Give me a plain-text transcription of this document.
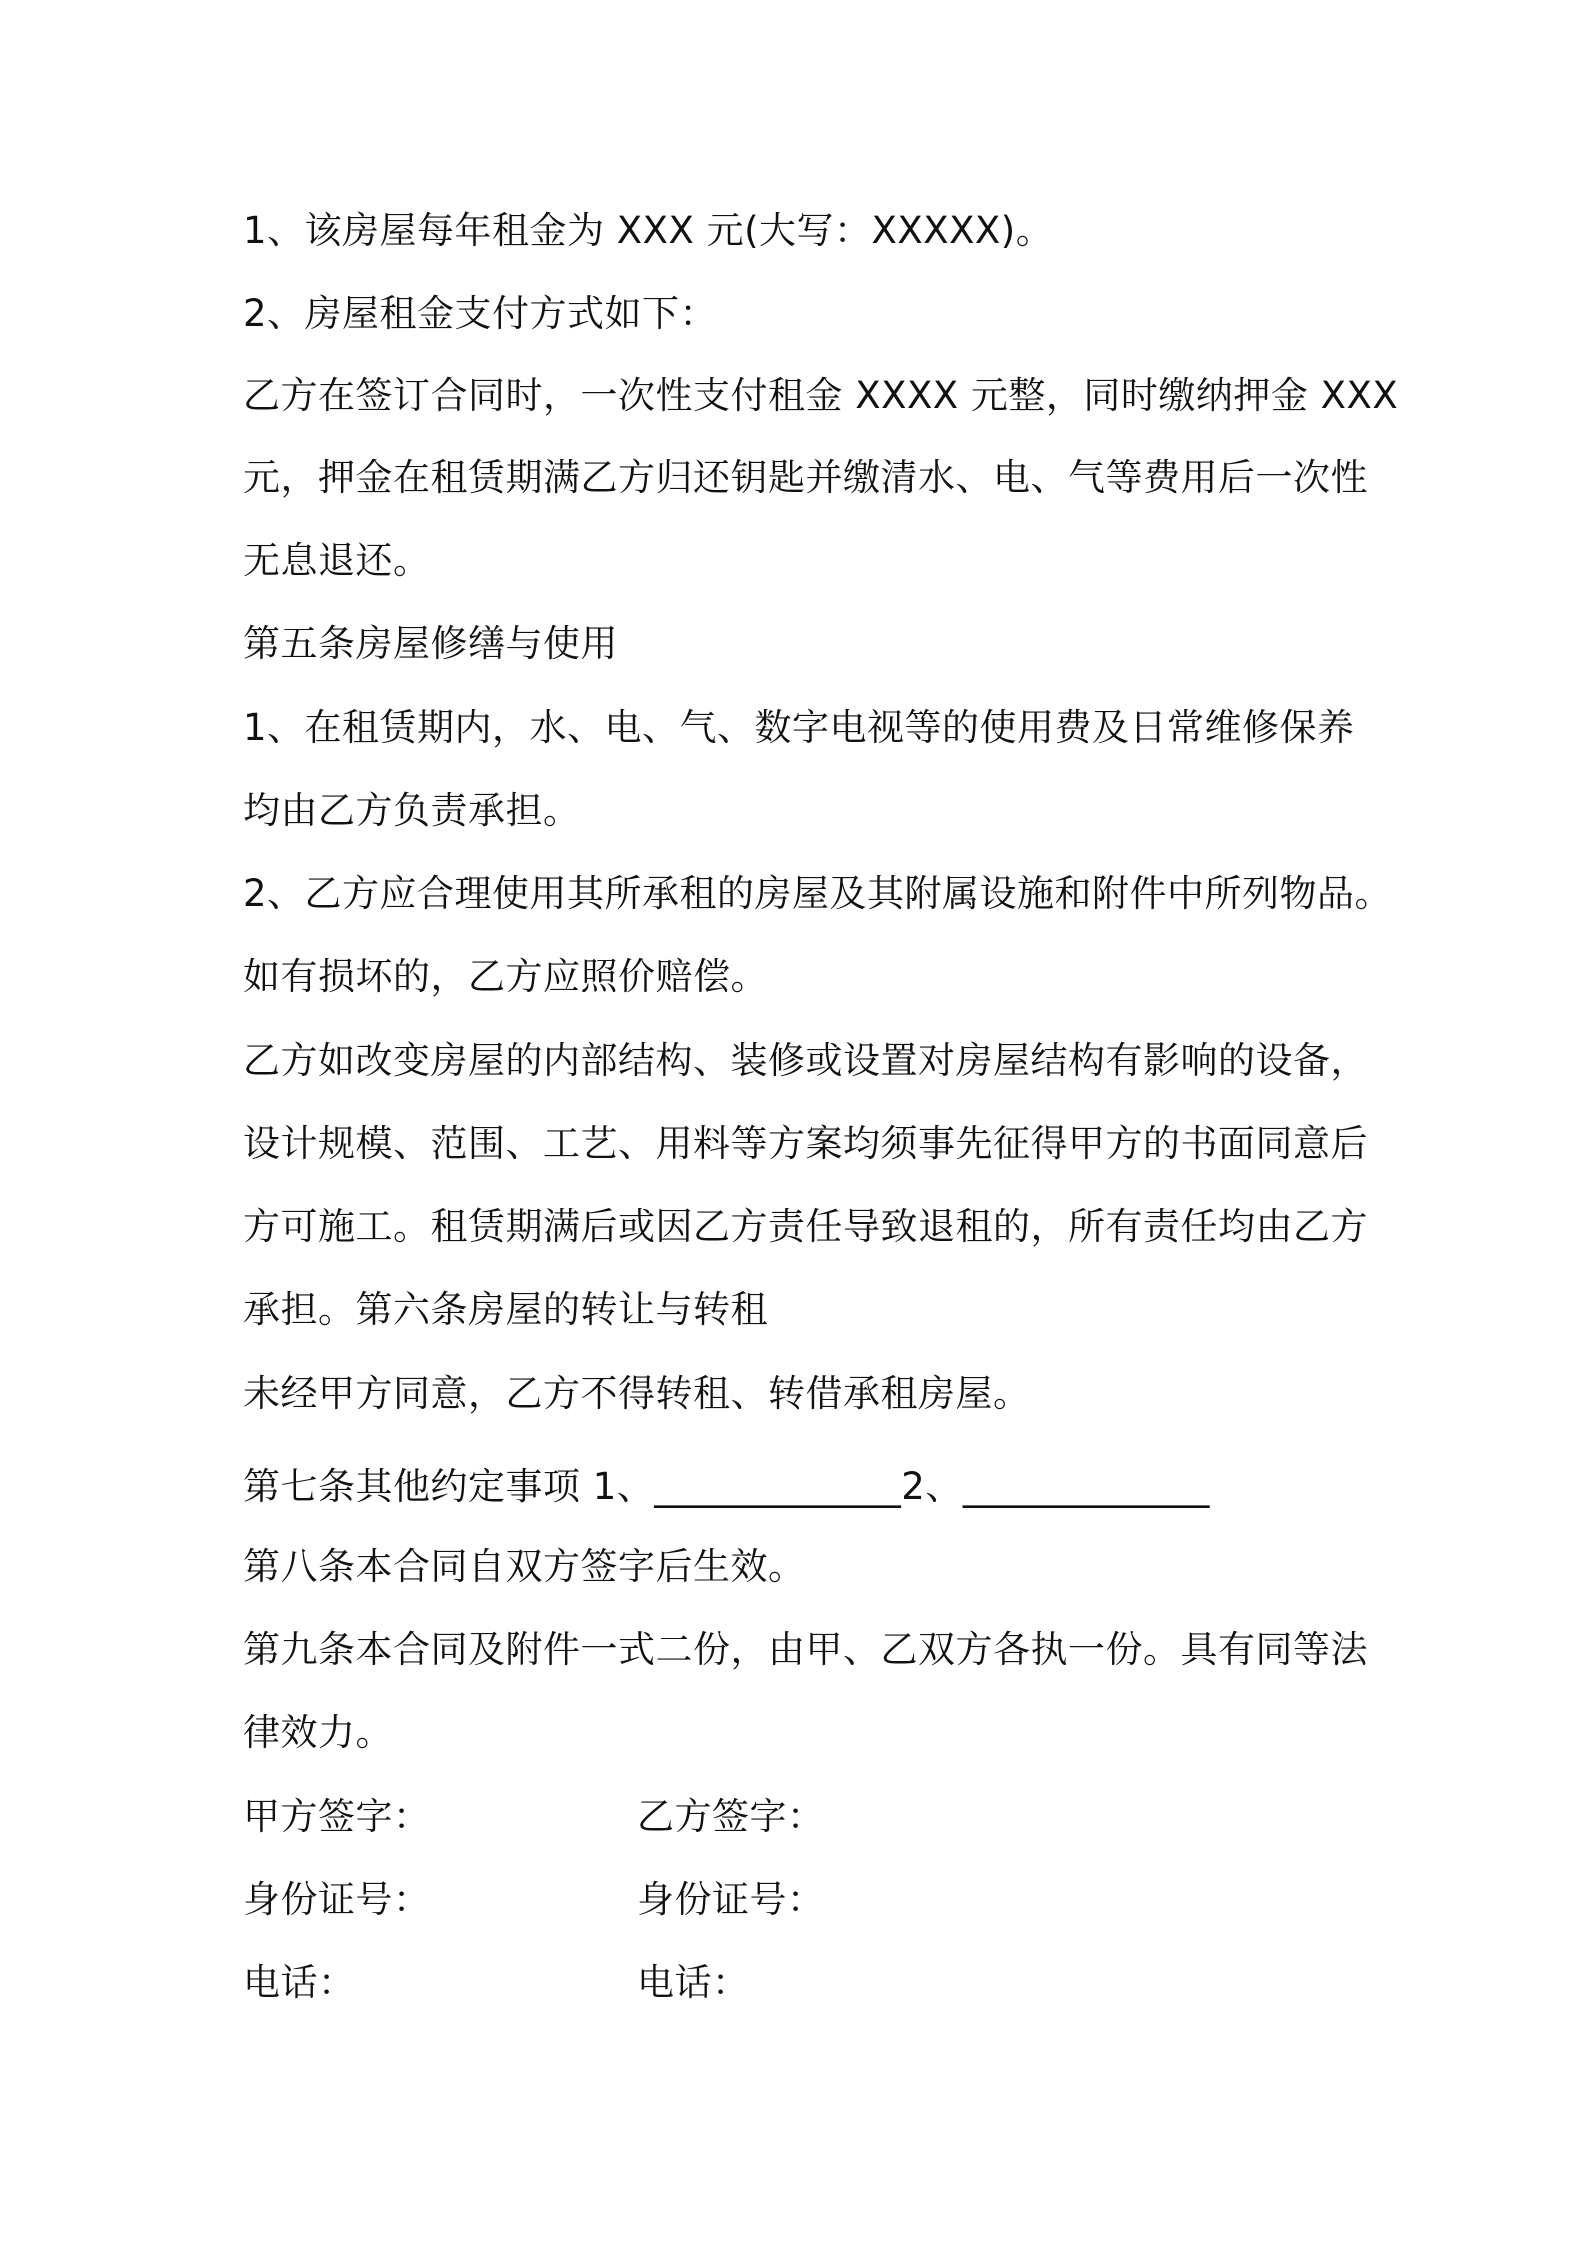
1、该房屋每年租金为 XXX 元(大写：XXXXX)。
2、房屋租金支付方式如下：
乙方在签订合同时，一次性支付租金 XXXX 元整，同时缴纳押金 XXX
元，押金在租赁期满乙方归还钥匙并缴清水、电、气等费用后一次性
无息退还。
第五条房屋修缮与使用
1、在租赁期内，水、电、气、数字电视等的使用费及日常维修保养
均由乙方负责承担。
2、乙方应合理使用其所承租的房屋及其附属设施和附件中所列物品。
如有损坏的，乙方应照价赔偿。
乙方如改变房屋的内部结构、装修或设置对房屋结构有影响的设备，
设计规模、范围、工艺、用料等方案均须事先征得甲方的书面同意后
方可施工。租赁期满后或因乙方责任导致退租的，所有责任均由乙方
承担。第六条房屋的转让与转租
未经甲方同意，乙方不得转租、转借承租房屋。
第七条其他约定事项 1、_____________2、_____________
第八条本合同自双方签字后生效。
第九条本合同及附件一式二份，由甲、乙双方各执一份。具有同等法
律效力。
甲方签字：	乙方签字：
身份证号：	身份证号：
电话：	电话：
